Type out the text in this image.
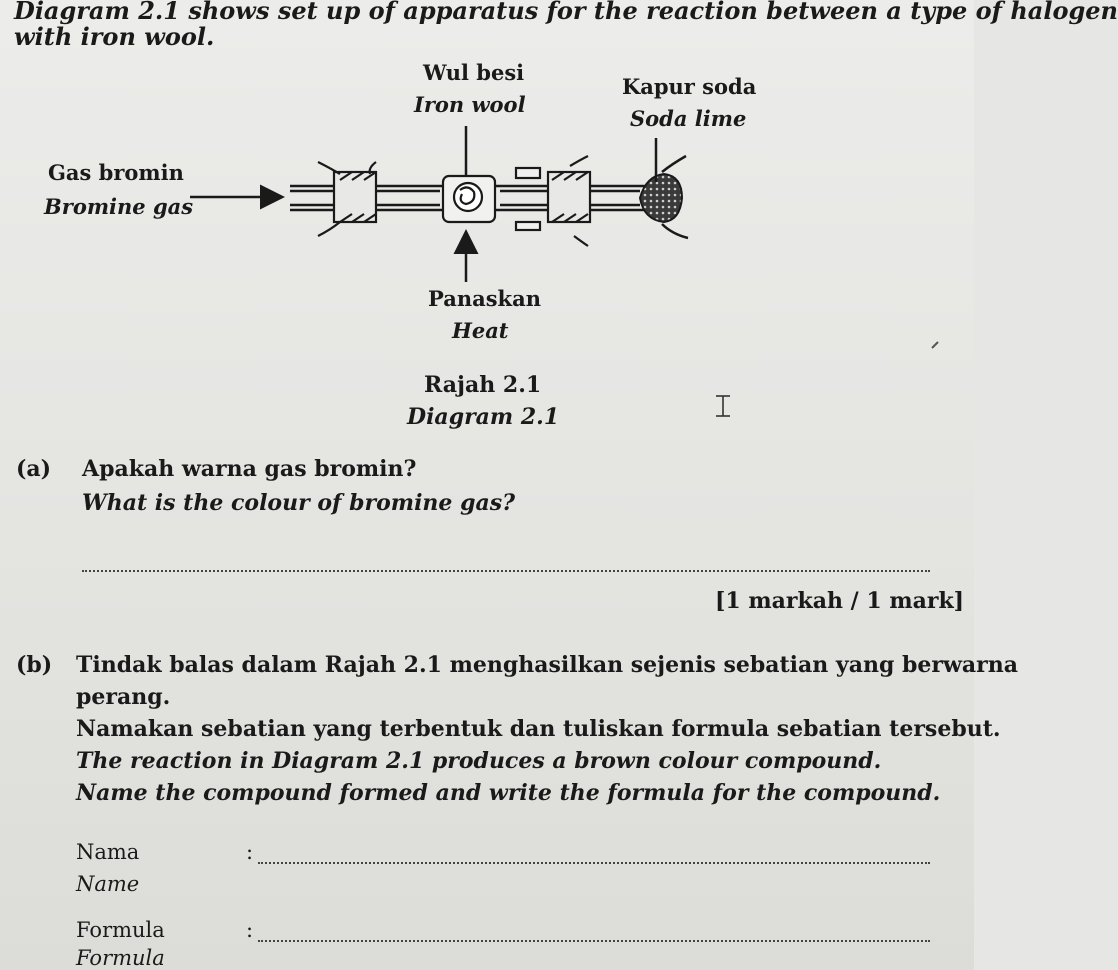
Diagram 2.1 shows set up of apparatus for the reaction between a type of halogen
with iron wool.
Wul besi
Iron wool
Kapur soda
Soda lime
Gas bromin
Bromine gas
Panaskan
Heat
Rajah 2.1
Diagram 2.1
(a) Apakah warna gas bromin?
What is the colour of bromine gas?
[1 markah / 1 mark]
(b) Tindak balas dalam Rajah 2.1 menghasilkan sejenis sebatian yang berwarna
perang.
Namakan sebatian yang terbentuk dan tuliskan formula sebatian tersebut.
The reaction in Diagram 2.1 produces a brown colour compound.
Name the compound formed and write the formula for the compound.
Nama
Name
:
Formula
Formula
:
